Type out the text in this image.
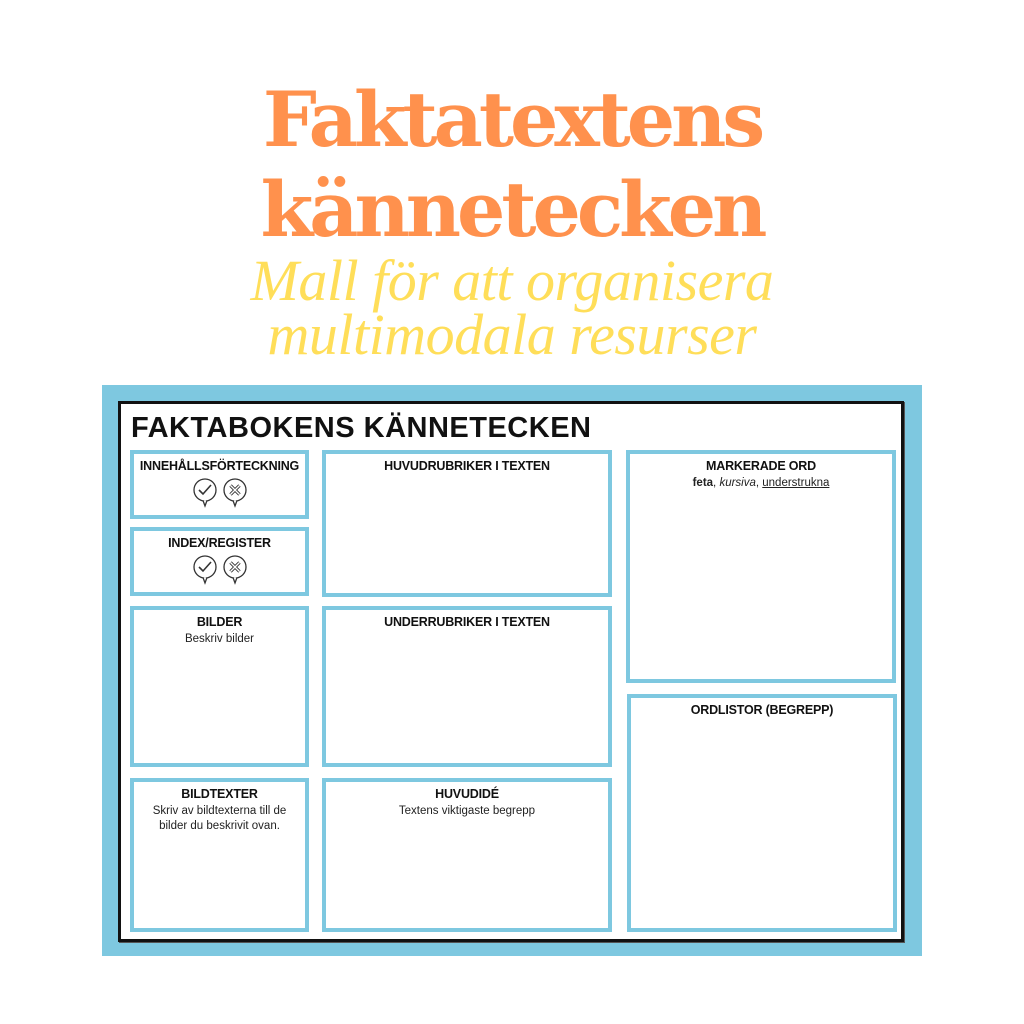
Faktatextens
kännetecken
Mall för att organisera
multimodala resurser
FAKTABOKENS KÄNNETECKEN
INNEHÅLLSFÖRTECKNING
INDEX/REGISTER
BILDER
Beskriv bilder
BILDTEXTER
Skriv av bildtexterna till de bilder du beskrivit ovan.
HUVUDRUBRIKER I TEXTEN
UNDERRUBRIKER I TEXTEN
HUVUDIDÉ
Textens viktigaste begrepp
MARKERADE ORD
feta, kursiva, understrukna
ORDLISTOR (BEGREPP)
